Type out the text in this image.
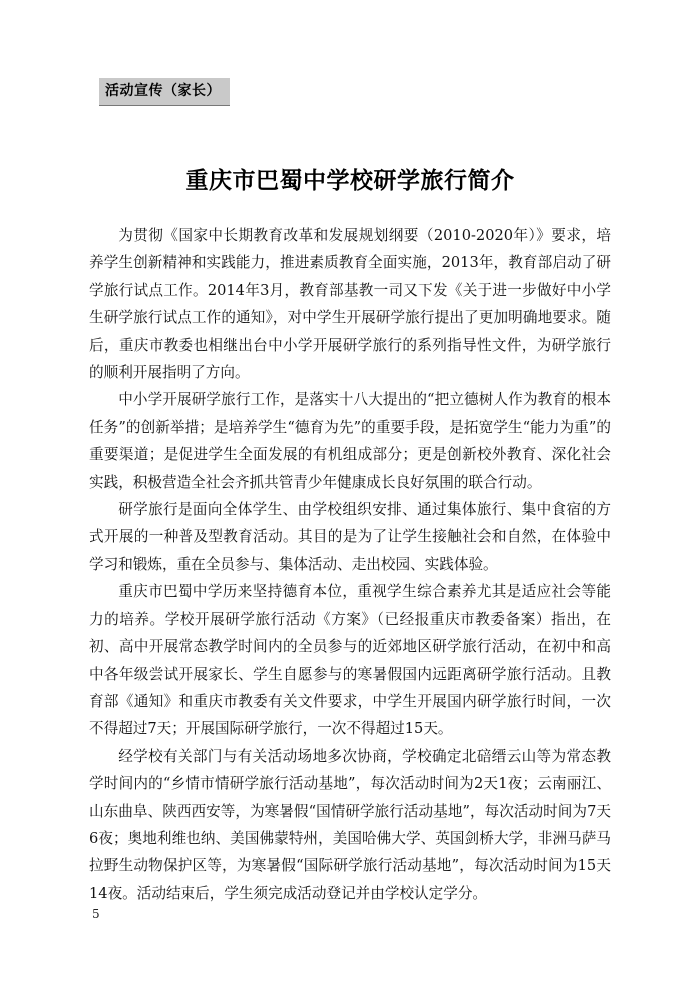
活动宣传（家长）
重庆市巴蜀中学校研学旅行简介

为贯彻《国家中长期教育改革和发展规划纲要（2010-2020年）》要求，培养学生创新精神和实践能力，推进素质教育全面实施，2013年，教育部启动了研学旅行试点工作。2014年3月，教育部基教一司又下发《关于进一步做好中小学生研学旅行试点工作的通知》，对中学生开展研学旅行提出了更加明确地要求。随后，重庆市教委也相继出台中小学开展研学旅行的系列指导性文件，为研学旅行的顺利开展指明了方向。

中小学开展研学旅行工作，是落实十八大提出的“把立德树人作为教育的根本任务”的创新举措；是培养学生“德育为先”的重要手段，是拓宽学生“能力为重”的重要渠道；是促进学生全面发展的有机组成部分；更是创新校外教育、深化社会实践，积极营造全社会齐抓共管青少年健康成长良好氛围的联合行动。

研学旅行是面向全体学生、由学校组织安排、通过集体旅行、集中食宿的方式开展的一种普及型教育活动。其目的是为了让学生接触社会和自然，在体验中学习和锻炼，重在全员参与、集体活动、走出校园、实践体验。

重庆市巴蜀中学历来坚持德育本位，重视学生综合素养尤其是适应社会等能力的培养。学校开展研学旅行活动《方案》（已经报重庆市教委备案）指出，在初、高中开展常态教学时间内的全员参与的近郊地区研学旅行活动，在初中和高中各年级尝试开展家长、学生自愿参与的寒暑假国内远距离研学旅行活动。且教育部《通知》和重庆市教委有关文件要求，中学生开展国内研学旅行时间，一次不得超过7天；开展国际研学旅行，一次不得超过15天。

经学校有关部门与有关活动场地多次协商，学校确定北碚缙云山等为常态教学时间内的“乡情市情研学旅行活动基地”，每次活动时间为2天1夜；云南丽江、山东曲阜、陕西西安等，为寒暑假“国情研学旅行活动基地”，每次活动时间为7天6夜；奥地利维也纳、美国佛蒙特州，美国哈佛大学、英国剑桥大学，非洲马萨马拉野生动物保护区等，为寒暑假“国际研学旅行活动基地”，每次活动时间为15天14夜。活动结束后，学生须完成活动登记并由学校认定学分。

5
